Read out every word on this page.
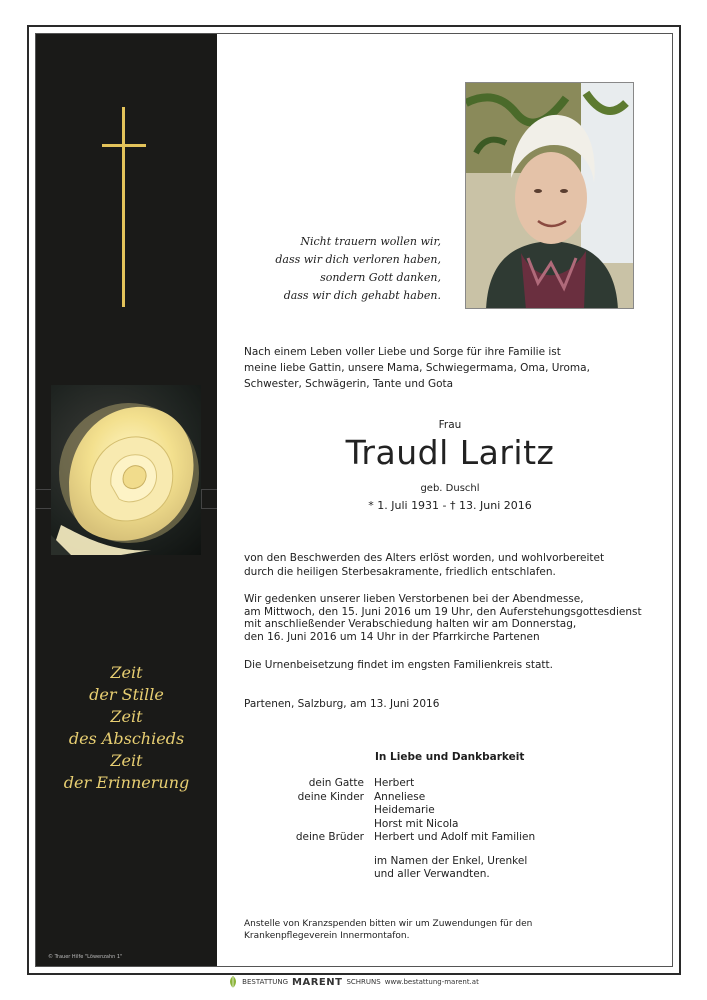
Zeit
der Stille
Zeit
des Abschieds
Zeit
der Erinnerung
© Trauer Hilfe "Löwenzahn 1"
Nicht trauern wollen wir,
dass wir dich verloren haben,
sondern Gott danken,
dass wir dich gehabt haben.
Nach einem Leben voller Liebe und Sorge für ihre Familie ist
meine liebe Gattin, unsere Mama, Schwiegermama, Oma, Uroma,
Schwester, Schwägerin, Tante und Gota
Frau
Traudl Laritz
geb. Duschl
* 1. Juli 1931 - † 13. Juni 2016
von den Beschwerden des Alters erlöst worden, und wohlvorbereitet
durch die heiligen Sterbesakramente, friedlich entschlafen.
Wir gedenken unserer lieben Verstorbenen bei der Abendmesse,
am Mittwoch, den 15. Juni 2016 um 19 Uhr, den Auferstehungsgottesdienst
mit anschließender Verabschiedung halten wir am Donnerstag,
den 16. Juni 2016 um 14 Uhr in der Pfarrkirche Partenen
Die Urnenbeisetzung findet im engsten Familienkreis statt.
Partenen, Salzburg, am 13. Juni 2016
In Liebe und Dankbarkeit
dein Gatte Herbert
deine Kinder Anneliese
Heidemarie
Horst mit Nicola
deine Brüder Herbert und Adolf mit Familien
im Namen der Enkel, Urenkel
und aller Verwandten.
Anstelle von Kranzspenden bitten wir um Zuwendungen für den
Krankenpflegeverein Innermontafon.
BESTATTUNG MARENT SCHRUNS www.bestattung-marent.at
